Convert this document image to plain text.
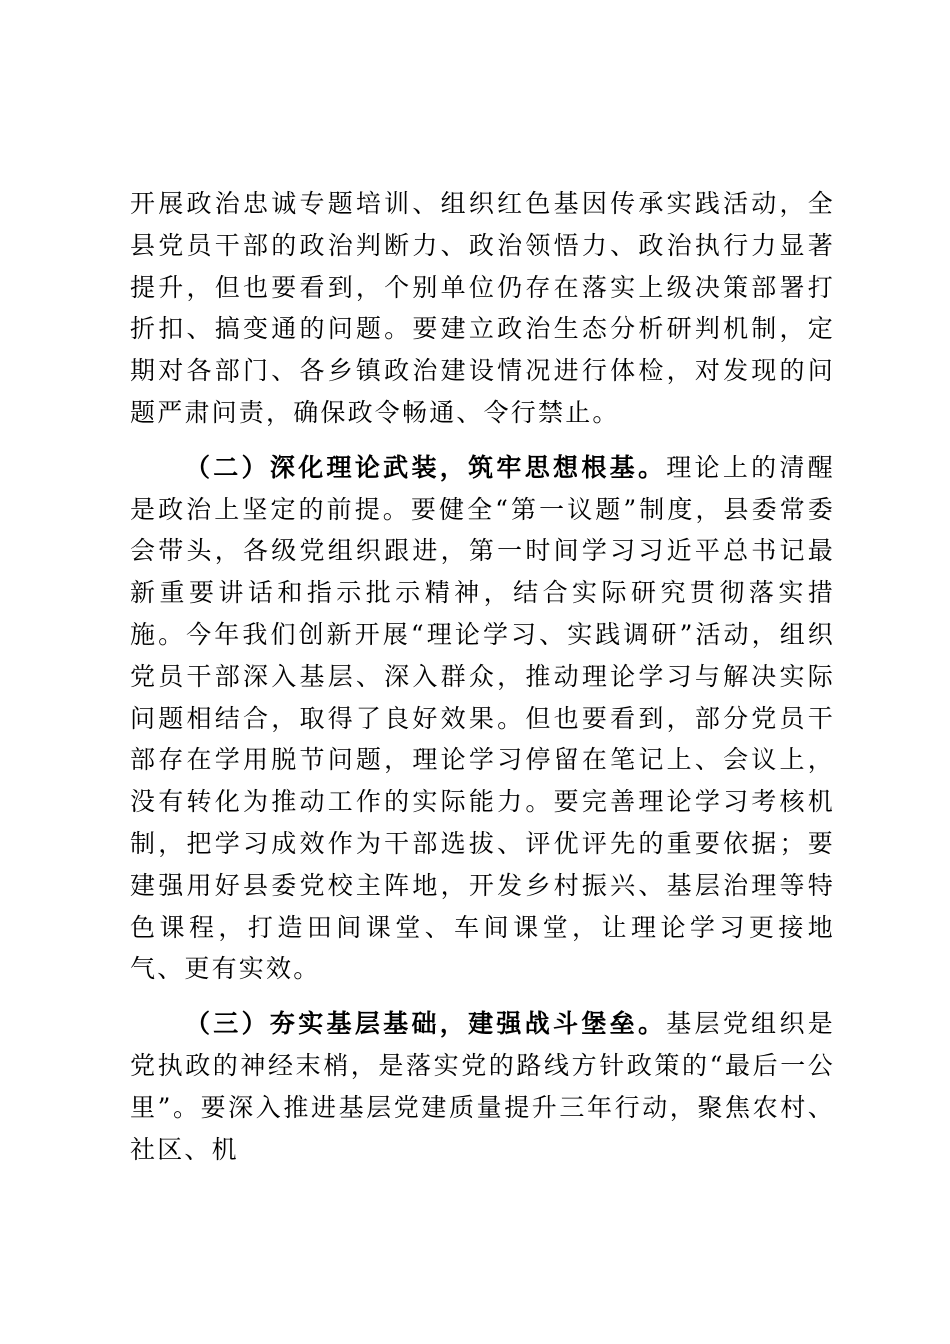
开展政治忠诚专题培训、组织红色基因传承实践活动，全县党员干部的政治判断力、政治领悟力、政治执行力显著提升，但也要看到，个别单位仍存在落实上级决策部署打折扣、搞变通的问题。要建立政治生态分析研判机制，定期对各部门、各乡镇政治建设情况进行体检，对发现的问题严肃问责，确保政令畅通、令行禁止。

（二）深化理论武装，筑牢思想根基。理论上的清醒是政治上坚定的前提。要健全“第一议题”制度，县委常委会带头，各级党组织跟进，第一时间学习习近平总书记最新重要讲话和指示批示精神，结合实际研究贯彻落实措施。今年我们创新开展“理论学习、实践调研”活动，组织党员干部深入基层、深入群众，推动理论学习与解决实际问题相结合，取得了良好效果。但也要看到，部分党员干部存在学用脱节问题，理论学习停留在笔记上、会议上，没有转化为推动工作的实际能力。要完善理论学习考核机制，把学习成效作为干部选拔、评优评先的重要依据；要建强用好县委党校主阵地，开发乡村振兴、基层治理等特色课程，打造田间课堂、车间课堂，让理论学习更接地气、更有实效。

（三）夯实基层基础，建强战斗堡垒。基层党组织是党执政的神经末梢，是落实党的路线方针政策的“最后一公里”。要深入推进基层党建质量提升三年行动，聚焦农村、社区、机
